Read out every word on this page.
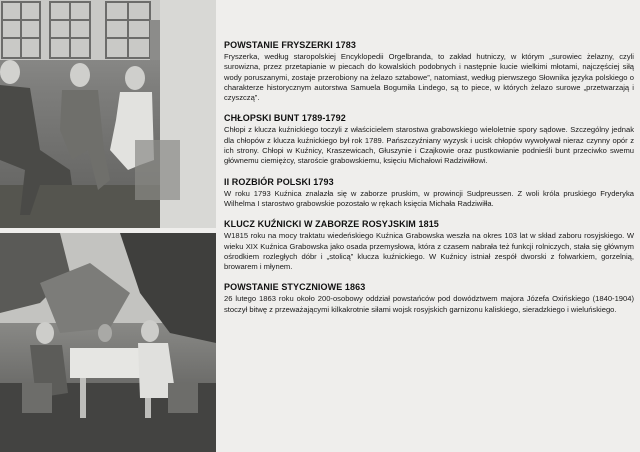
POWSTANIE FRYSZERKI 1783

Fryszerka, według staropolskiej Encyklopedii Orgelbranda, to zakład hutniczy, w którym „surowiec żelazny, czyli surowizna, przez przetapianie w piecach do kowalskich podobnych i następnie kucie wielkimi młotami, najczęściej siłą wody poruszanymi, zostaje przerobiony na żelazo sztabowe”, natomiast, według pierwszego Słownika języka polskiego o charakterze historycznym autorstwa Samuela Bogumiła Lindego, są to piece, w których żelazo surowe „przetwarzają i czyszczą”.

CHŁOPSKI BUNT 1789-1792

Chłopi z klucza kuźnickiego toczyli z właścicielem starostwa grabowskiego wieloletnie spory sądowe. Szczególny jednak dla chłopów z klucza kuźnickiego był rok 1789. Pańszczyźniany wyzysk i ucisk chłopów wywoływał nieraz czynny opór z ich strony. Chłopi w Kuźnicy, Kraszewicach, Głuszynie i Czajkowie oraz pustkowianie podnieśli bunt przeciwko swemu głównemu ciemiężcy, staroście grabowskiemu, księciu Michałowi Radziwiłłowi.

II ROZBIÓR POLSKI 1793

W roku 1793 Kuźnica znalazła się w zaborze pruskim, w prowincji Sudpreussen. Z woli króla pruskiego Fryderyka Wilhelma I starostwo grabowskie pozostało w rękach księcia Michała Radziwiłła.

KLUCZ KUŹNICKI W ZABORZE ROSYJSKIM 1815

W1815 roku na mocy traktatu wiedeńskiego Kuźnica Grabowska weszła na okres 103 lat w skład zaboru rosyjskiego. W wieku XIX Kuźnica Grabowska jako osada przemysłowa, która z czasem nabrała też funkcji rolniczych, stała się głównym ośrodkiem rozległych dóbr i „stolicą” klucza kuźnickiego. W Kuźnicy istniał zespół dworski z folwarkiem, gorzelnią, browarem i młynem.

POWSTANIE STYCZNIOWE 1863

26 lutego 1863 roku około 200-osobowy oddział powstańców pod dowództwem majora Józefa Oxińskiego (1840-1904) stoczył bitwę z przeważającymi kilkakrotnie siłami wojsk rosyjskich garnizonu kaliskiego, sieradzkiego i wieluńskiego.
